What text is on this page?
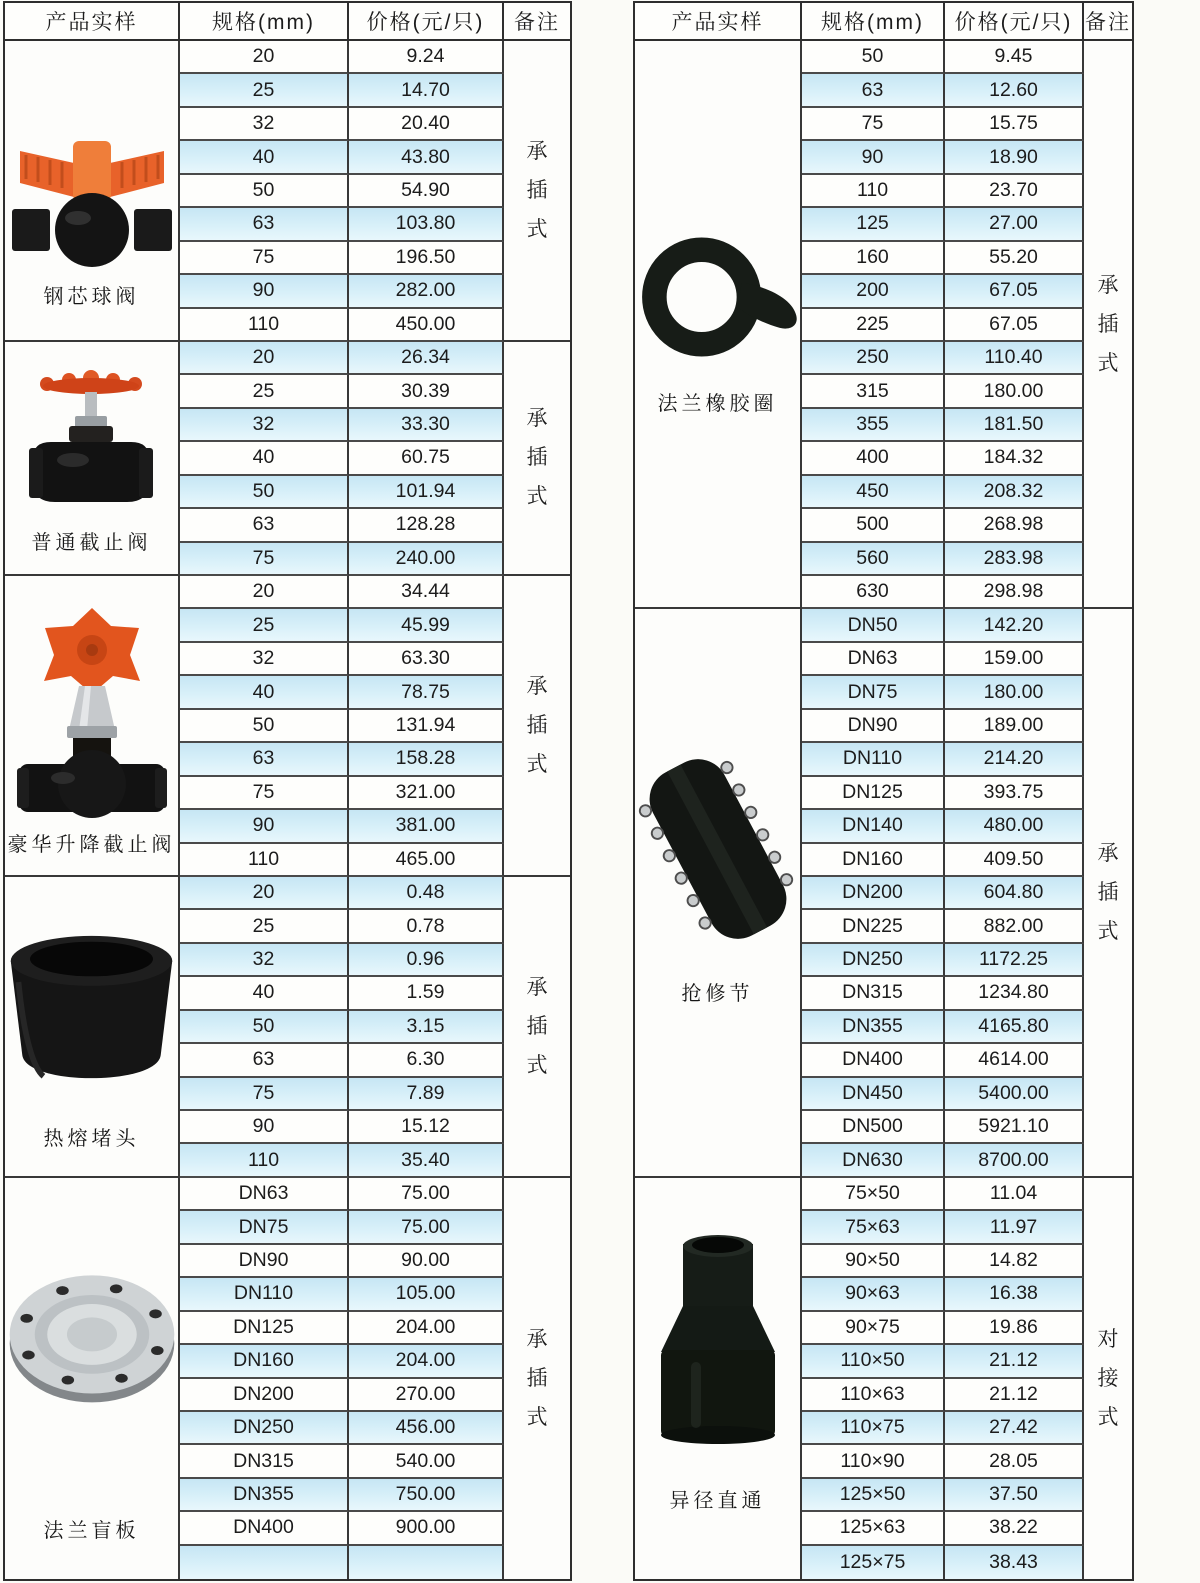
产品实样	规格(mm)	价格(元/只)	备注
钢芯球阀
20	9.24
25	14.70
32	20.40
40	43.80
50	54.90
63	103.80
75	196.50
90	282.00
110	450.00
承
插
式
普通截止阀
20	26.34
25	30.39
32	33.30
40	60.75
50	101.94
63	128.28
75	240.00
承
插
式
豪华升降截止阀
20	34.44
25	45.99
32	63.30
40	78.75
50	131.94
63	158.28
75	321.00
90	381.00
110	465.00
承
插
式
热熔堵头
20	0.48
25	0.78
32	0.96
40	1.59
50	3.15
63	6.30
75	7.89
90	15.12
110	35.40
承
插
式
法兰盲板
DN63	75.00
DN75	75.00
DN90	90.00
DN110	105.00
DN125	204.00
DN160	204.00
DN200	270.00
DN250	456.00
DN315	540.00
DN355	750.00
DN400	900.00
承
插
式
产品实样	规格(mm)	价格(元/只) 备注
法兰橡胶圈
50	9.45
63	12.60
75	15.75
90	18.90
110	23.70
125	27.00
160	55.20
200	67.05
225	67.05
250	110.40
315	180.00
355	181.50
400	184.32
450	208.32
500	268.98
560	283.98
630	298.98
承
插
式
抢修节
DN50	142.20
DN63	159.00
DN75	180.00
DN90	189.00
DN110	214.20
DN125	393.75
DN140	480.00
DN160	409.50
DN200	604.80
DN225	882.00
DN250	1172.25
DN315	1234.80
DN355	4165.80
DN400	4614.00
DN450	5400.00
DN500	5921.10
DN630	8700.00
承
插
式
异径直通
75×50	11.04
75×63	11.97
90×50	14.82
90×63	16.38
90×75	19.86
110×50	21.12
110×63	21.12
110×75	27.42
110×90	28.05
125×50	37.50
125×63	38.22
125×75	38.43
对
接
式
